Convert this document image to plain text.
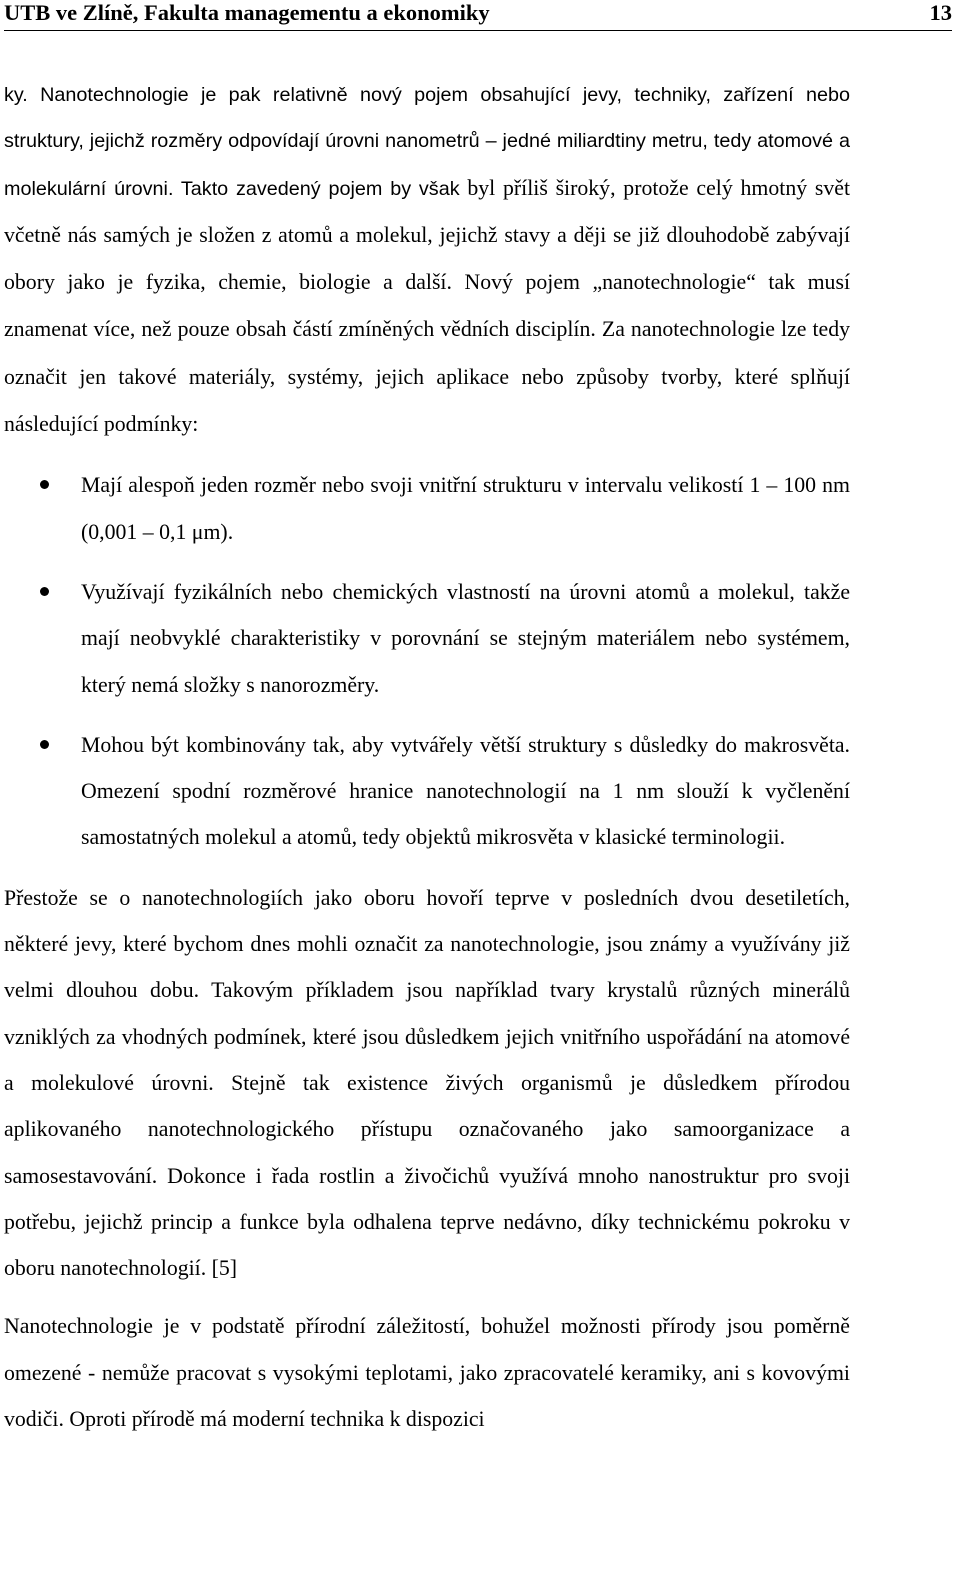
UTB ve Zlíně, Fakulta managementu a ekonomiky	13

ky. Nanotechnologie je pak relativně nový pojem obsahující jevy, techniky, zařízení nebo struktury, jejichž rozměry odpovídají úrovni nanometrů – jedné miliardtiny metru, tedy atomové a molekulární úrovni. Takto zavedený pojem by však byl příliš široký, protože celý hmotný svět včetně nás samých je složen z atomů a molekul, jejichž stavy a ději se již dlouhodobě zabývají obory jako je fyzika, chemie, biologie a další. Nový pojem „nanotechnologie“ tak musí znamenat více, než pouze obsah částí zmíněných vědních disciplín. Za nanotechnologie lze tedy označit jen takové materiály, systémy, jejich aplikace nebo způsoby tvorby, které splňují následující podmínky:

Mají alespoň jeden rozměr nebo svoji vnitřní strukturu v intervalu velikostí 1 – 100 nm (0,001 – 0,1 μm).
Využívají fyzikálních nebo chemických vlastností na úrovni atomů a molekul, takže mají neobvyklé charakteristiky v porovnání se stejným materiálem nebo systémem, který nemá složky s nanorozměry.
Mohou být kombinovány tak, aby vytvářely větší struktury s důsledky do makrosvěta. Omezení spodní rozměrové hranice nanotechnologií na 1 nm slouží k vyčlenění samostatných molekul a atomů, tedy objektů mikrosvěta v klasické terminologii.

Přestože se o nanotechnologiích jako oboru hovoří teprve v posledních dvou desetiletích, některé jevy, které bychom dnes mohli označit za nanotechnologie, jsou známy a využívány již velmi dlouhou dobu. Takovým příkladem jsou například tvary krystalů různých minerálů vzniklých za vhodných podmínek, které jsou důsledkem jejich vnitřního uspořádání na atomové a molekulové úrovni. Stejně tak existence živých organismů je důsledkem přírodou aplikovaného nanotechnologického přístupu označovaného jako samoorganizace a samosestavování. Dokonce i řada rostlin a živočichů využívá mnoho nanostruktur pro svoji potřebu, jejichž princip a funkce byla odhalena teprve nedávno, díky technickému pokroku v oboru nanotechnologií. [5]

Nanotechnologie je v podstatě přírodní záležitostí, bohužel možnosti přírody jsou poměrně omezené - nemůže pracovat s vysokými teplotami, jako zpracovatelé keramiky, ani s kovovými vodiči. Oproti přírodě má moderní technika k dispozici
